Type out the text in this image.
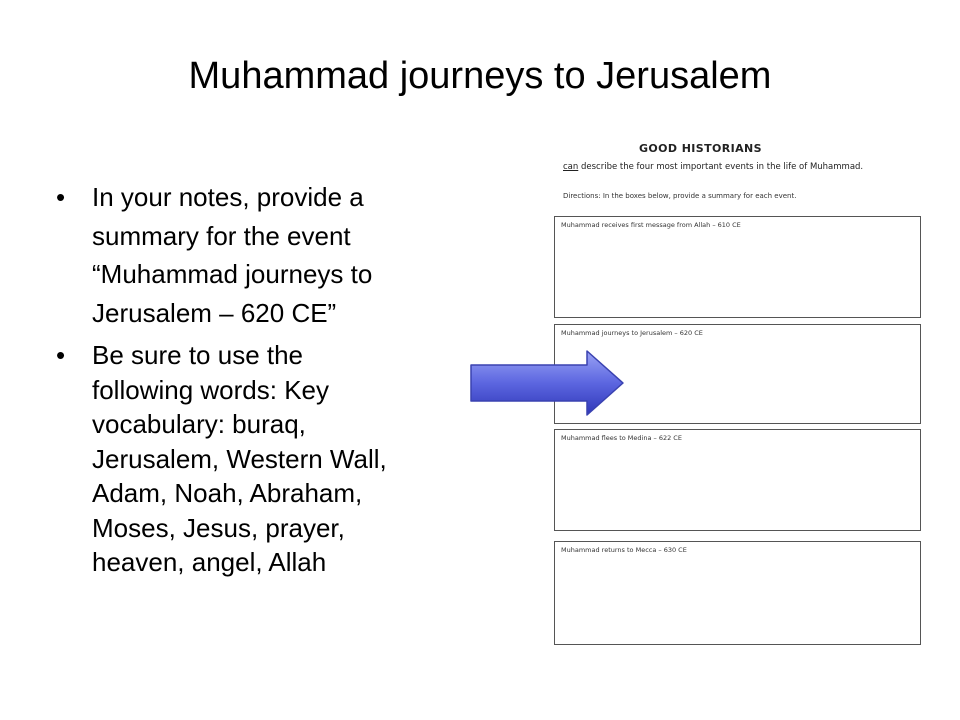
Muhammad journeys to Jerusalem
• In your notes, provide a
summary for the event
“Muhammad journeys to
Jerusalem – 620 CE”
• Be sure to use the
following words: Key
vocabulary: buraq,
Jerusalem, Western Wall,
Adam, Noah, Abraham,
Moses, Jesus, prayer,
heaven, angel, Allah
GOOD HISTORIANS
can describe the four most important events in the life of Muhammad.
Directions: In the boxes below, provide a summary for each event.
Muhammad receives first message from Allah – 610 CE
Muhammad journeys to Jerusalem – 620 CE
Muhammad flees to Medina – 622 CE
Muhammad returns to Mecca – 630 CE
